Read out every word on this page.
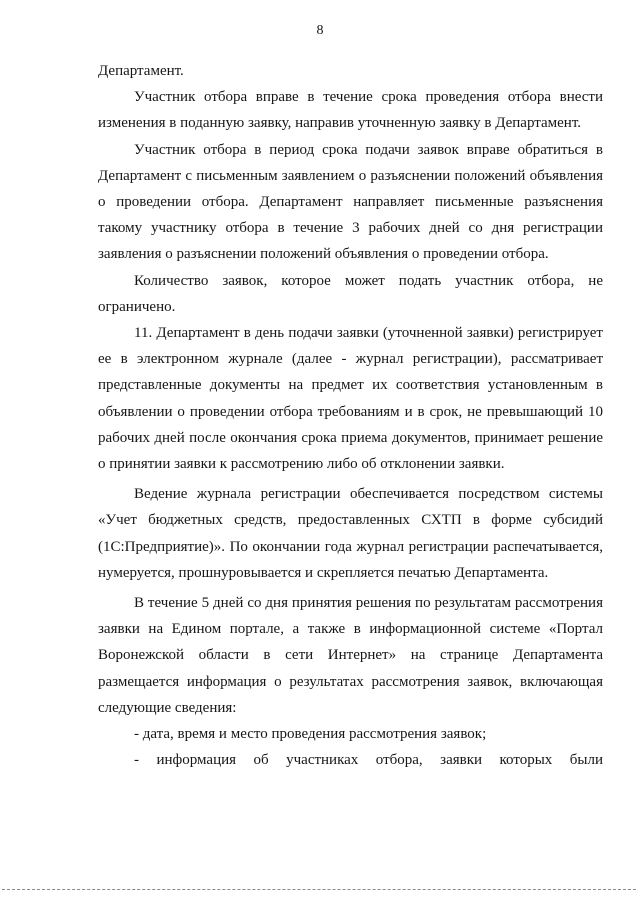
8

Департамент.

Участник отбора вправе в течение срока проведения отбора внести изменения в поданную заявку, направив уточненную заявку в Департамент.

Участник отбора в период срока подачи заявок вправе обратиться в Департамент с письменным заявлением о разъяснении положений объявления о проведении отбора. Департамент направляет письменные разъяснения такому участнику отбора в течение 3 рабочих дней со дня регистрации заявления о разъяснении положений объявления о проведении отбора.

Количество заявок, которое может подать участник отбора, не ограничено.

11. Департамент в день подачи заявки (уточненной заявки) регистрирует ее в электронном журнале (далее - журнал регистрации), рассматривает представленные документы на предмет их соответствия установленным в объявлении о проведении отбора требованиям и в срок, не превышающий 10 рабочих дней после окончания срока приема документов, принимает решение о принятии заявки к рассмотрению либо об отклонении заявки.

Ведение журнала регистрации обеспечивается посредством системы «Учет бюджетных средств, предоставленных СХТП в форме субсидий (1С:Предприятие)». По окончании года журнал регистрации распечатывается, нумеруется, прошнуровывается и скрепляется печатью Департамента.

В течение 5 дней со дня принятия решения по результатам рассмотрения заявки на Едином портале, а также в информационной системе «Портал Воронежской области в сети Интернет» на странице Департамента размещается информация о результатах рассмотрения заявок, включающая следующие сведения:

- дата, время и место проведения рассмотрения заявок;

- информация об участниках отбора, заявки которых были
